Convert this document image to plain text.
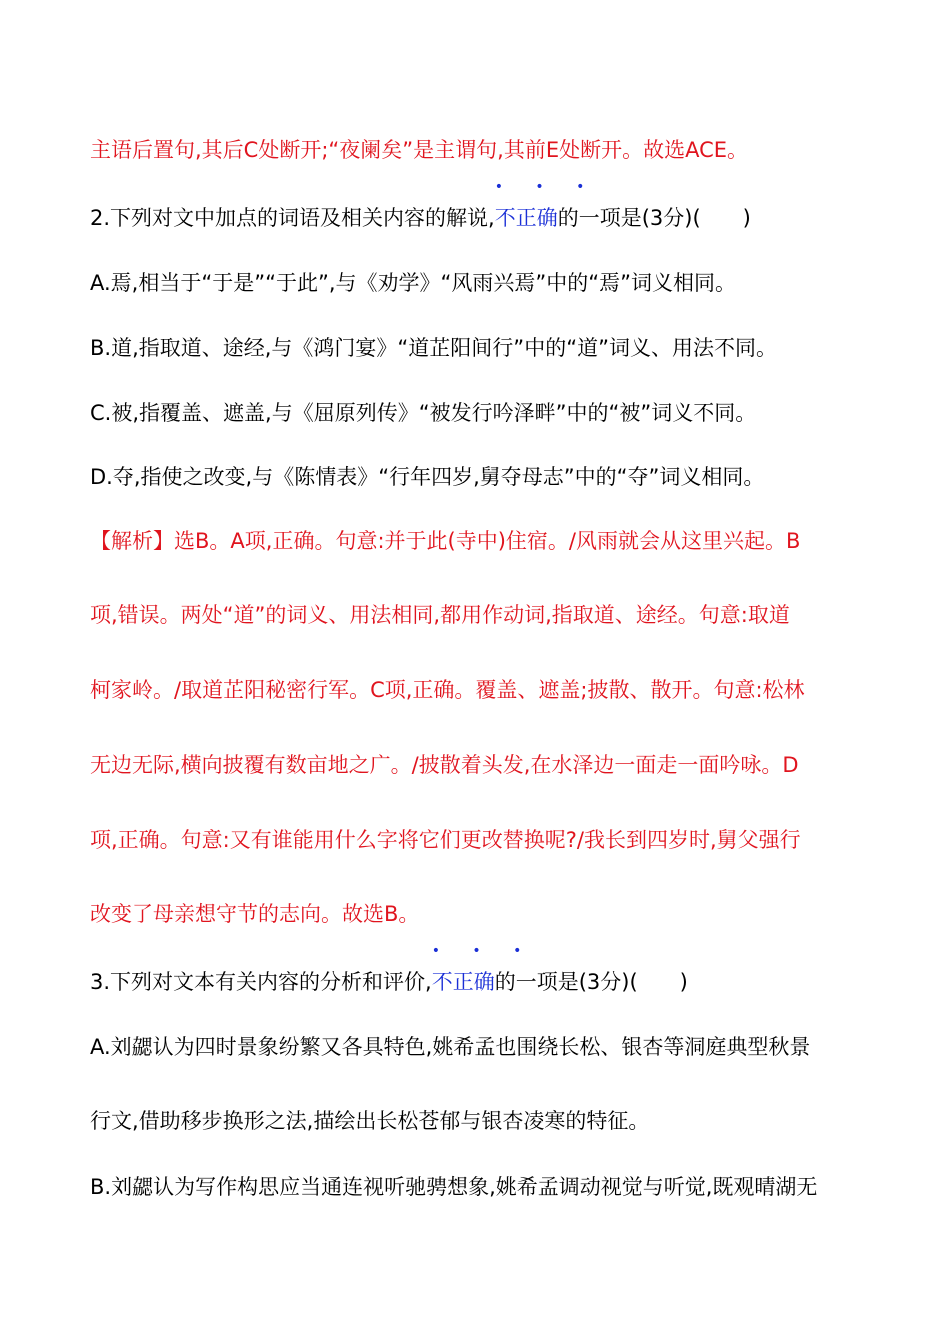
主语后置句,其后C处断开;“夜阑矣”是主谓句,其前E处断开。故选ACE。
2.下列对文中加点的词语及相关内容的解说,
• • •
不正确的一项是(3分)(　　)
A.焉,相当于“于是”“于此”,与《劝学》“风雨兴焉”中的“焉”词义相同。
B.道,指取道、途经,与《鸿门宴》“道芷阳间行”中的“道”词义、用法不同。
C.被,指覆盖、遮盖,与《屈原列传》“被发行吟泽畔”中的“被”词义不同。
D.夺,指使之改变,与《陈情表》“行年四岁,舅夺母志”中的“夺”词义相同。
【解析】选B。A项,正确。句意:并于此(寺中)住宿。/风雨就会从这里兴起。B
项,错误。两处“道”的词义、用法相同,都用作动词,指取道、途经。句意:取道
柯家岭。/取道芷阳秘密行军。C项,正确。覆盖、遮盖;披散、散开。句意:松林
无边无际,横向披覆有数亩地之广。/披散着头发,在水泽边一面走一面吟咏。D
项,正确。句意:又有谁能用什么字将它们更改替换呢?/我长到四岁时,舅父强行
改变了母亲想守节的志向。故选B。
3.下列对文本有关内容的分析和评价,
• • •
不正确的一项是(3分)(　　)
A.刘勰认为四时景象纷繁又各具特色,姚希孟也围绕长松、银杏等洞庭典型秋景
行文,借助移步换形之法,描绘出长松苍郁与银杏凌寒的特征。
B.刘勰认为写作构思应当通连视听驰骋想象,姚希孟调动视觉与听觉,既观晴湖无
